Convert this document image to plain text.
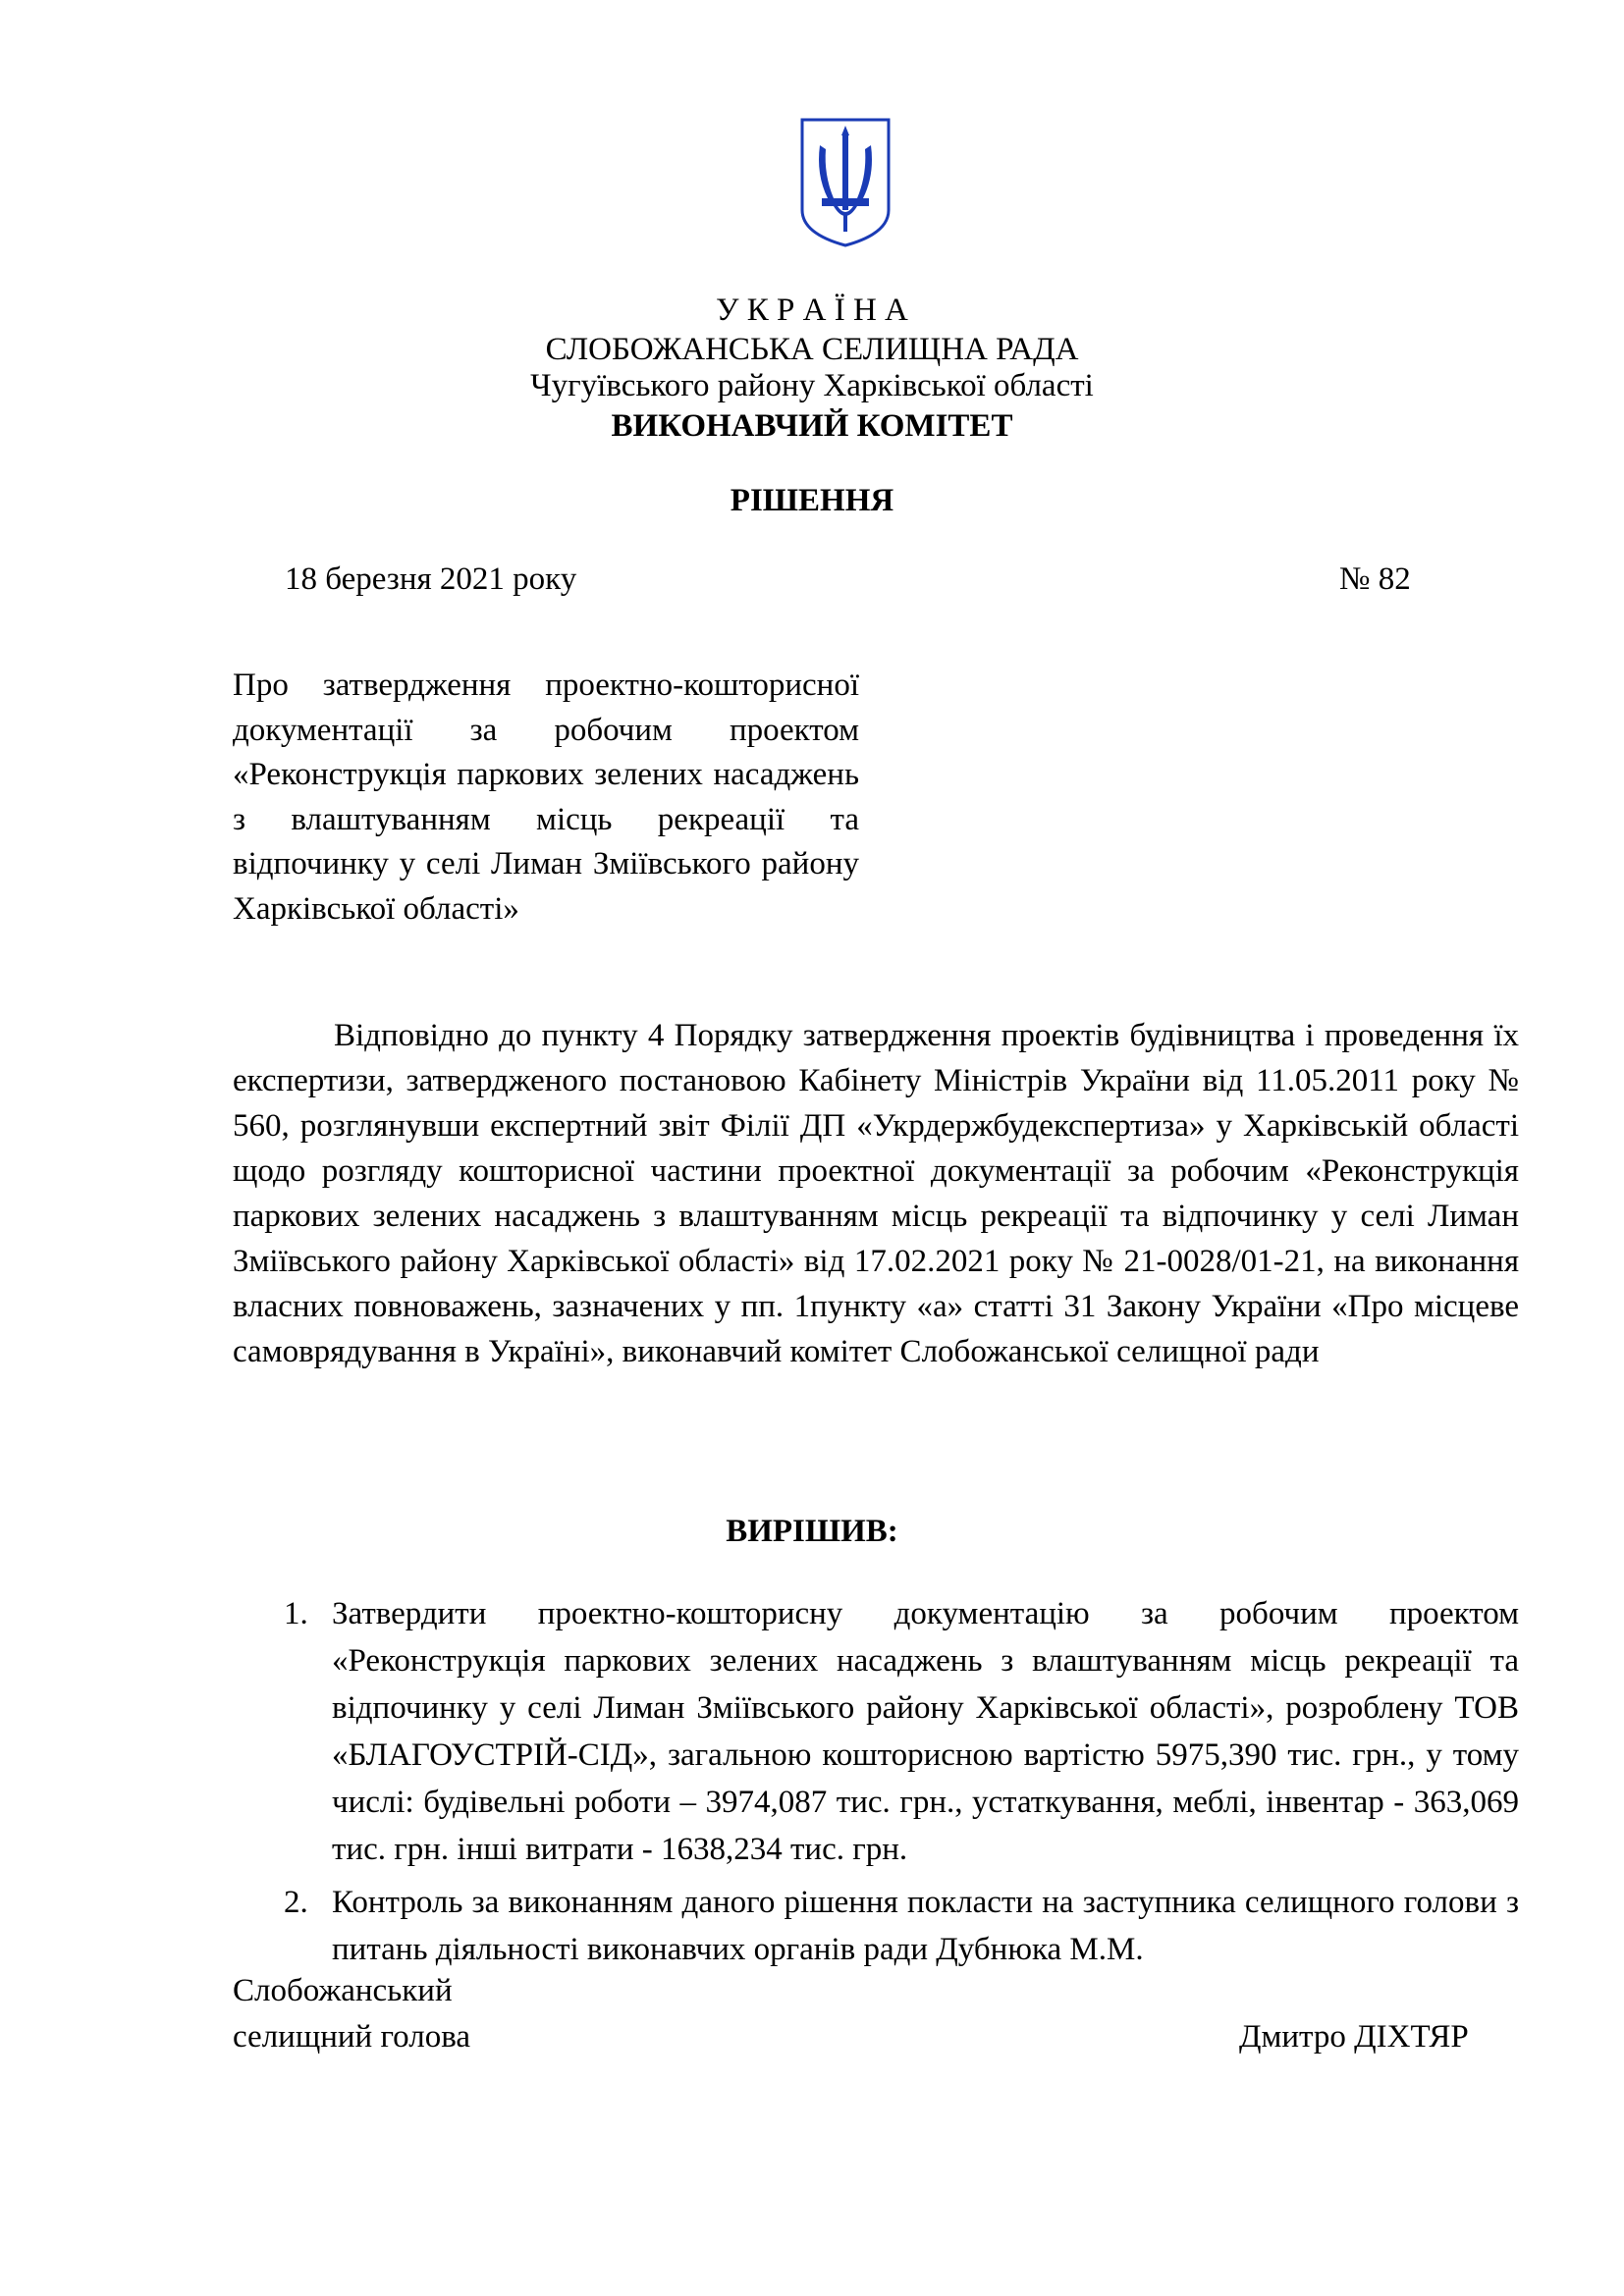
У К Р А Ї Н А
СЛОБОЖАНСЬКА СЕЛИЩНА РАДА
Чугуївського району Харківської області
ВИКОНАВЧИЙ КОМІТЕТ
РІШЕННЯ
18 березня 2021 року	№ 82
Про затвердження проектно-кошторисної документації за робочим проектом «Реконструкція паркових зелених насаджень з влаштуванням місць рекреації та відпочинку у селі Лиман Зміївського району Харківської області»
Відповідно до пункту 4 Порядку затвердження проектів будівництва і проведення їх експертизи, затвердженого постановою Кабінету Міністрів України від 11.05.2011 року № 560, розглянувши експертний звіт Філії ДП «Укрдержбудекспертиза» у Харківській області щодо розгляду кошторисної частини проектної документації за робочим «Реконструкція паркових зелених насаджень з влаштуванням місць рекреації та відпочинку у селі Лиман Зміївського району Харківської області» від 17.02.2021 року № 21-0028/01-21, на виконання власних повноважень, зазначених у пп. 1пункту «а» статті 31 Закону України «Про місцеве самоврядування в Україні», виконавчий комітет Слобожанської селищної ради
ВИРІШИВ:
1. Затвердити проектно-кошторисну документацію за робочим проектом «Реконструкція паркових зелених насаджень з влаштуванням місць рекреації та відпочинку у селі Лиман Зміївського району Харківської області», розроблену ТОВ «БЛАГОУСТРІЙ-СІД», загальною кошторисною вартістю 5975,390 тис. грн., у тому числі: будівельні роботи – 3974,087 тис. грн., устаткування, меблі, інвентар - 363,069 тис. грн. інші витрати - 1638,234 тис. грн.
2. Контроль за виконанням даного рішення покласти на заступника селищного голови з питань діяльності виконавчих органів ради Дубнюка М.М.
Слобожанський
селищний голова	Дмитро ДІХТЯР
